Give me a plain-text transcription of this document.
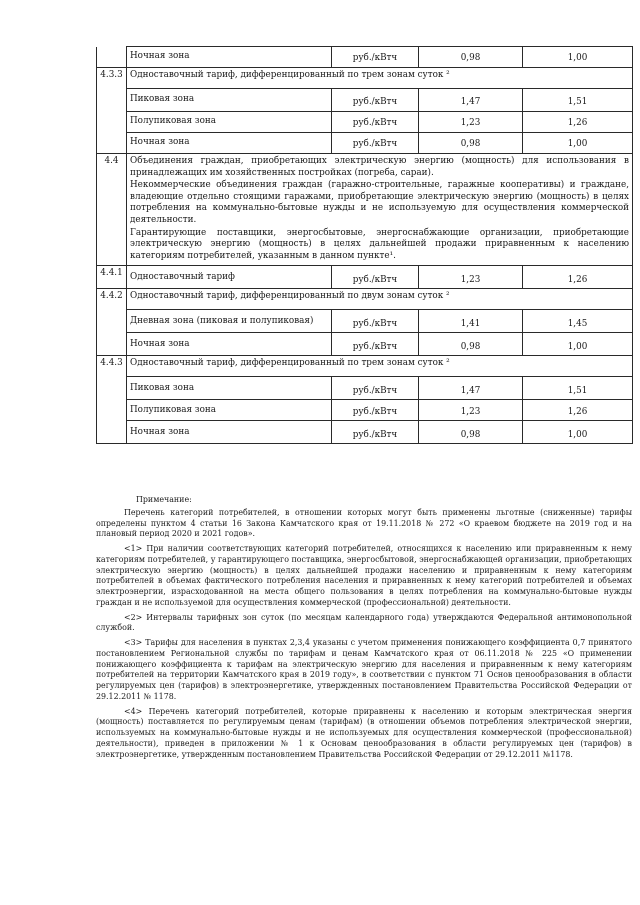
	Ночная зона	руб./кВтч	0,98	1,00
4.3.3	Одноставочный тариф, дифференцированный по трем зонам суток ²			
	Пиковая зона	руб./кВтч	1,47	1,51
	Полупиковая зона	руб./кВтч	1,23	1,26
	Ночная зона	руб./кВтч	0,98	1,00
4.4	Объединения граждан, приобретающих электрическую энергию (мощность) для использования в принадлежащих им хозяйственных постройках (погреба, сараи).

Некоммерческие объединения граждан (гаражно-строительные, гаражные кооперативы) и граждане, владеющие отдельно стоящими гаражами, приобретающие электрическую энергию (мощность) в целях потребления на коммунально-бытовые нужды и не используемую для осуществления коммерческой деятельности.

Гарантирующие поставщики, энергосбытовые, энергоснабжающие организации, приобретающие электрическую энергию (мощность) в целях дальнейшей продажи приравненным к населению категориям потребителей, указанным в данном пункте¹.			

4.4.1	Одноставочный тариф	руб./кВтч	1,23	1,26
4.4.2	Одноставочный тариф, дифференцированный по двум зонам суток ²			
	Дневная зона (пиковая и полупиковая)	руб./кВтч	1,41	1,45
	Ночная зона	руб./кВтч	0,98	1,00
4.4.3	Одноставочный тариф, дифференцированный по трем зонам суток ²			
	Пиковая зона	руб./кВтч	1,47	1,51
	Полупиковая зона	руб./кВтч	1,23	1,26
	Ночная зона	руб./кВтч	0,98	1,00

Примечание:

Перечень категорий потребителей, в отношении которых могут быть применены льготные (сниженные) тарифы определены пунктом 4 статьи 16 Закона Камчатского края от 19.11.2018 № 272 «О краевом бюджете на 2019 год и на плановый период 2020 и 2021 годов».

<1> При наличии соответствующих категорий потребителей, относящихся к населению или приравненным к нему категориям потребителей, у гарантирующего поставщика, энергосбытовой, энергоснабжающей организации, приобретающих электрическую энергию (мощность) в целях дальнейшей продажи населению и приравненным к нему категориям потребителей в объемах фактического потребления населения и приравненных к нему категорий потребителей и объемах электроэнергии, израсходованной на места общего пользования в целях потребления на коммунально-бытовые нужды граждан и не используемой для осуществления коммерческой (профессиональной) деятельности.

<2> Интервалы тарифных зон суток (по месяцам календарного года) утверждаются Федеральной антимонопольной службой.

<3> Тарифы для населения в пунктах 2,3,4 указаны с учетом применения понижающего коэффициента 0,7 принятого постановлением Региональной службы по тарифам и ценам Камчатского края от 06.11.2018 № 225 «О применении понижающего коэффициента к тарифам на электрическую энергию для населения и приравненным к нему категориям потребителей на территории Камчатского края в 2019 году», в соответствии с пунктом 71 Основ ценообразования в области регулируемых цен (тарифов) в электроэнергетике, утвержденных постановлением Правительства Российской Федерации от 29.12.2011 № 1178.

<4> Перечень категорий потребителей, которые приравнены к населению и которым электрическая энергия (мощность) поставляется по регулируемым ценам (тарифам) (в отношении объемов потребления электрической энергии, используемых на коммунально-бытовые нужды и не используемых для осуществления коммерческой (профессиональной) деятельности), приведен в приложении № 1 к Основам ценообразования в области регулируемых цен (тарифов) в электроэнергетике, утвержденным постановлением Правительства Российской Федерации от 29.12.2011 №1178.
